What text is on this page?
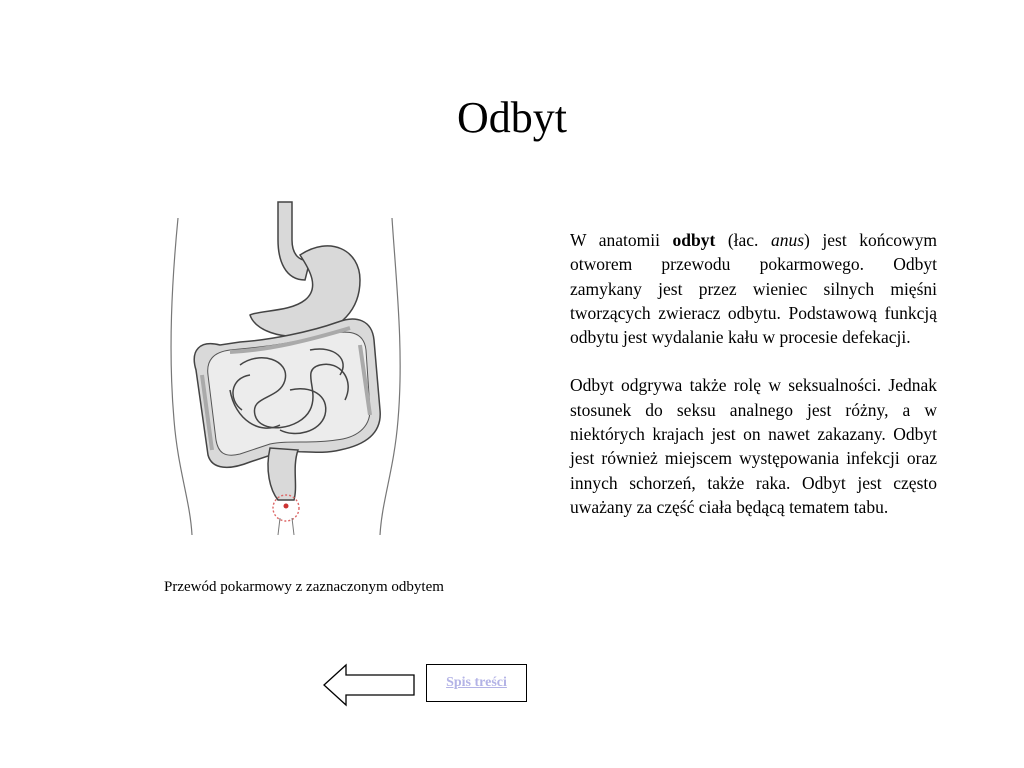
Odbyt
Przewód pokarmowy z zaznaczonym odbytem

W anatomii odbyt (łac. anus) jest końcowym otworem przewodu pokarmowego. Odbyt zamykany jest przez wieniec silnych mięśni tworzących zwieracz odbytu. Podstawową funkcją odbytu jest wydalanie kału w procesie defekacji.

Odbyt odgrywa także rolę w seksualności. Jednak stosunek do seksu analnego jest różny, a w niektórych krajach jest on nawet zakazany. Odbyt jest również miejscem występowania infekcji oraz innych schorzeń, także raka. Odbyt jest często uważany za część ciała będącą tematem tabu.

Spis treści
